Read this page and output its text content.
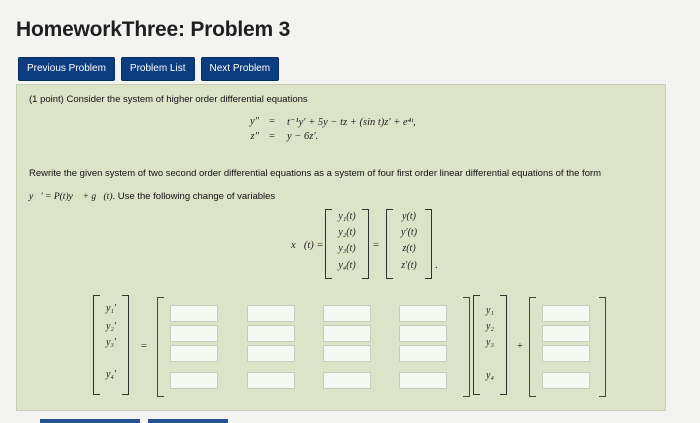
HomeworkThree: Problem 3
Previous Problem	Problem List	Next Problem
(1 point) Consider the system of higher order differential equations
y″ =	t⁻¹y′ + 5y − tz + (sin t)z′ + e⁴ᵗ,
z″ =	y − 6z′.
Rewrite the given system of two second order differential equations as a system of four first order linear differential equations of the form
y⃗′ = P(t)y⃗ + g⃗(t). Use the following change of variables
x⃗(t) =
y₁(t)
y₂(t)
y₃(t)
y₄(t)
=
y(t)
y′(t)
z(t)
z′(t)	.
y₁′
y₂′
y₃′
y₄′
=
y₁
y₂
y₃
y₄
+
